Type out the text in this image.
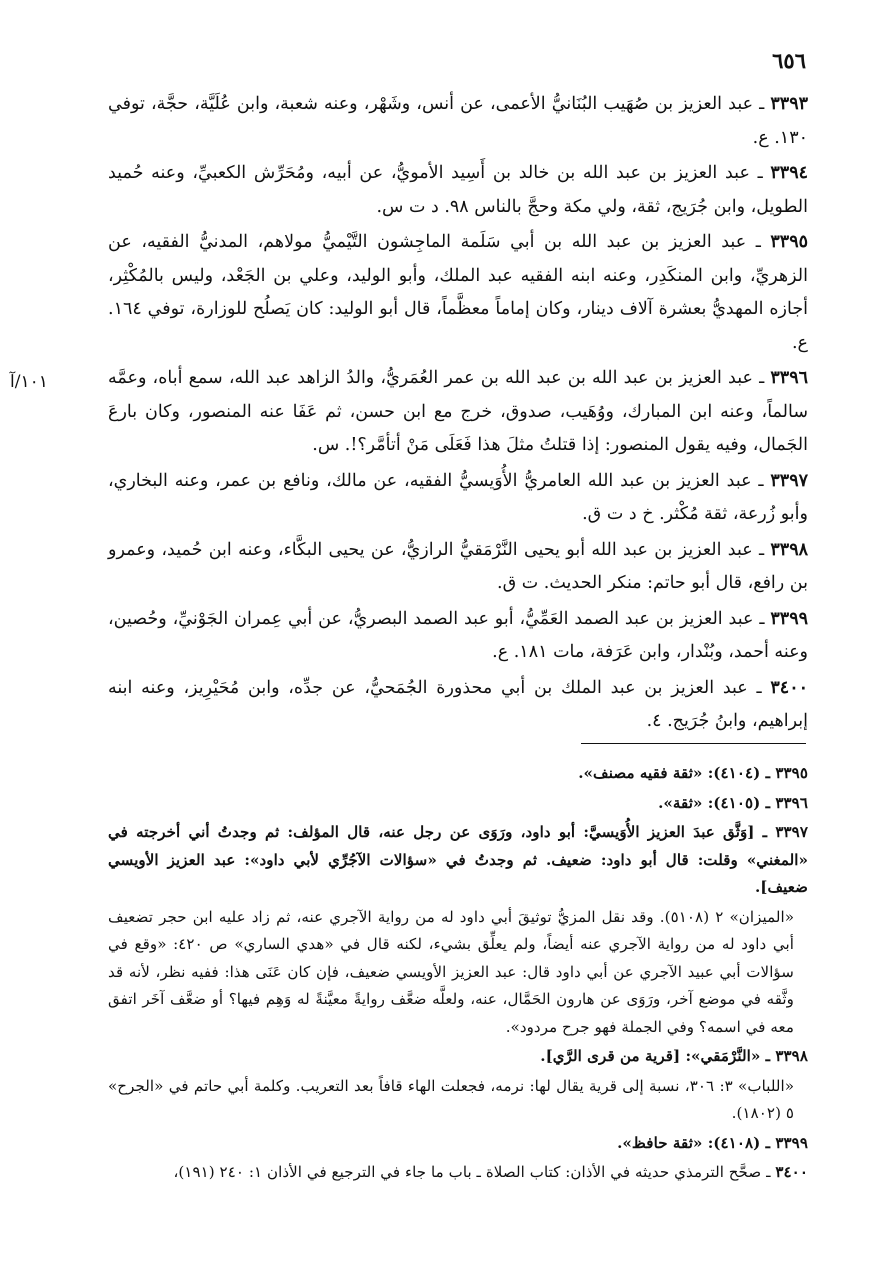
٦٥٦
١٠١/آ

٣٣٩٣ ـ عبد العزيز بن صُهَيب البُنَانيُّ الأعمى، عن أنس، وشَهْر، وعنه شعبة، وابن عُلَيَّة، حجَّة، توفي ١٣٠. ع.

٣٣٩٤ ـ عبد العزيز بن عبد الله بن خالد بن أَسِيد الأمويُّ، عن أبيه، ومُحَرِّش الكعبيِّ، وعنه حُميد الطويل، وابن جُرَيج، ثقة، ولي مكة وحجَّ بالناس ٩٨. د ت س.

٣٣٩٥ ـ عبد العزيز بن عبد الله بن أبي سَلَمة الماجِشون التَّيْميُّ مولاهم، المدنيُّ الفقيه، عن الزهريِّ، وابن المنكَدِر، وعنه ابنه الفقيه عبد الملك، وأبو الوليد، وعلي بن الجَعْد، وليس بالمُكْثِر، أجازه المهديُّ بعشرة آلاف دينار، وكان إماماً معظَّماً، قال أبو الوليد: كان يَصلُح للوزارة، توفي ١٦٤. ع.

٣٣٩٦ ـ عبد العزيز بن عبد الله بن عبد الله بن عمر العُمَريُّ، والدُ الزاهد عبد الله، سمع أباه، وعمَّه سالماً، وعنه ابن المبارك، ووُهَيب، صدوق، خرج مع ابن حسن، ثم عَفَا عنه المنصور، وكان بارعَ الجَمال، وفيه يقول المنصور: إذا قتلتُ مثلَ هذا فَعَلَى مَنْ أتأمَّر؟!. س.

٣٣٩٧ ـ عبد العزيز بن عبد الله العامريُّ الأُوَيسيُّ الفقيه، عن مالك، ونافع بن عمر، وعنه البخاري، وأبو زُرعة، ثقة مُكْثر. خ د ت ق.

٣٣٩٨ ـ عبد العزيز بن عبد الله أبو يحيى النَّرْمَقيُّ الرازيُّ، عن يحيى البكَّاء، وعنه ابن حُميد، وعمرو بن رافع، قال أبو حاتم: منكر الحديث. ت ق.

٣٣٩٩ ـ عبد العزيز بن عبد الصمد العَمِّيُّ، أبو عبد الصمد البصريُّ، عن أبي عِمران الجَوْنيِّ، وحُصين، وعنه أحمد، وبُنْدار، وابن عَرَفة، مات ١٨١. ع.

٣٤٠٠ ـ عبد العزيز بن عبد الملك بن أبي محذورة الجُمَحيُّ، عن جدِّه، وابن مُحَيْرِيز، وعنه ابنه إبراهيم، وابنُ جُرَيج. ٤.

٣٣٩٥ ـ (٤١٠٤): «ثقة فقيه مصنف».

٣٣٩٦ ـ (٤١٠٥): «ثقة».

٣٣٩٧ ـ [وَثَّق عبدَ العزيز الأُوَيسيَّ: أبو داود، ورَوَى عن رجل عنه، قال المؤلف: ثم وجدتُ أني أخرجته في «المغني» وقلت: قال أبو داود: ضعيف. ثم وجدتُ في «سؤالات الآجُرِّي لأبي داود»: عبد العزيز الأويسي ضعيف].

«الميزان» ٢ (٥١٠٨). وقد نقل المزيُّ توثيقَ أبي داود له من رواية الآجري عنه، ثم زاد عليه ابن حجر تضعيف أبي داود له من رواية الآجري عنه أيضاً، ولم يعلِّق بشيء، لكنه قال في «هدي الساري» ص ٤٢٠: «وقع في سؤالات أبي عبيد الآجري عن أبي داود قال: عبد العزيز الأويسي ضعيف، فإن كان عَنَى هذا: ففيه نظر، لأنه قد وثَّقه في موضع آخر، ورَوَى عن هارون الحَمَّال، عنه، ولعلَّه ضعَّف روايةً معيَّنةً له وَهِم فيها؟ أو ضعَّف آخَر اتفق معه في اسمه؟ وفي الجملة فهو جرح مردود».

٣٣٩٨ ـ «النَّرْمَقي»: [قرية من قرى الرَّي].

«اللباب» ٣: ٣٠٦، نسبة إلى قرية يقال لها: نرمه، فجعلت الهاء قافاً بعد التعريب. وكلمة أبي حاتم في «الجرح» ٥ (١٨٠٢).

٣٣٩٩ ـ (٤١٠٨): «ثقة حافظ».

٣٤٠٠ ـ صحَّح الترمذي حديثه في الأذان: كتاب الصلاة ـ باب ما جاء في الترجيع في الأذان ١: ٢٤٠ (١٩١)،
